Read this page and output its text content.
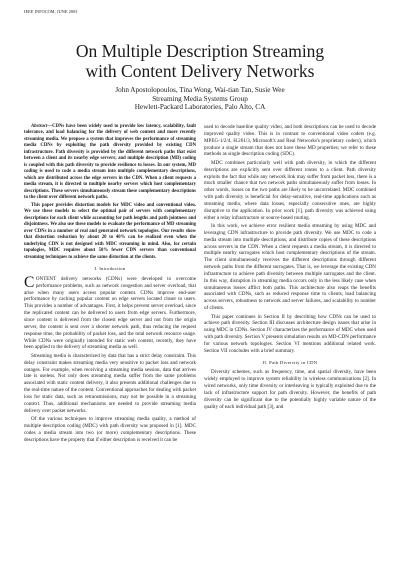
IEEE INFOCOM, JUNE 2003
On Multiple Description Streaming
with Content Delivery Networks
John Apostolopoulos, Tina Wong, Wai-tian Tan, Susie Wee
Streaming Media Systems Group
Hewlett-Packard Laboratories, Palo Alto, CA

Abstract—CDNs have been widely used to provide low latency, scalability, fault tolerance, and load balancing for the delivery of web content and more recently streaming media. We propose a system that improves the performance of streaming media CDNs by exploiting the path diversity provided by existing CDN infrastructure. Path diversity is provided by the different network paths that exist between a client and its nearby edge servers; and multiple description (MD) coding is coupled with this path diversity to provide resilience to losses. In our system, MD coding is used to code a media stream into multiple complementary descriptions, which are distributed across the edge servers in the CDN. When a client requests a media stream, it is directed to multiple nearby servers which host complementary descriptions. These servers simultaneously stream these complementary descriptions to the client over different network paths.

This paper provides distortion models for MDC video and conventional video. We use these models to select the optimal pair of servers with complementary descriptions for each client while accounting for path lengths and path jointness and disjointness. We also use these models to evaluate the performance of MD streaming over CDNs in a number of real and generated network topologies. Our results show that distortion reduction by about 20 to 40% can be realized even when the underlying CDN is not designed with MDC streaming in mind. Also, for certain topologies, MDC requires about 50% fewer CDN servers than conventional streaming techniques to achieve the same distortion at the clients.

I. Introduction

CONTENT delivery networks (CDNs) were developed to overcome performance problems, such as network congestion and server overload, that arise when many users access popular content. CDNs improve end-user performance by caching popular content on edge servers located closer to users. This provides a number of advantages. First, it helps prevent server overload, since the replicated content can be delivered to users from edge servers. Furthermore, since content is delivered from the closest edge server and not from the origin server, the content is sent over a shorter network path, thus reducing the request response time, the probability of packet loss, and the total network resource usage. While CDNs were originally intended for static web content, recently, they have been applied to the delivery of streaming media as well.

Streaming media is characterized by data that has a strict delay constraint. This delay constraint makes streaming media very sensitive to packet loss and network outages. For example, when receiving a streaming media session, data that arrives late is useless. Not only does streaming media suffer from the same problems associated with static content delivery, it also presents additional challenges due to the real-time nature of the content. Conventional approaches for dealing with packet loss for static data, such as retransmissions, may not be possible in a streaming context. Thus, additional mechanisms are needed to provide streaming media delivery over packet networks.

Of the various techniques to improve streaming media quality, a method of multiple description coding (MDC) with path diversity was proposed in [1]. MDC codes a media stream into two (or more) complementary descriptions. These descriptions have the property that if either description is received it can be

used to decode baseline quality video, and both descriptions can be used to decode improved quality video. This is in contrast to conventional video coders (e.g. MPEG-1/2/4, H.261/3, Microsoft's and Real Networks's proprietary coders), which produce a single stream that does not have these MD properties; we refer to these methods as single description coding (SDC).

MDC combines particularly well with path diversity, in which the different descriptions are explicitly sent over different routes to a client. Path diversity exploits the fact that while any network link may suffer from packet loss, there is a much smaller chance that two network paths simultaneously suffer from losses. In other words, losses on the two paths are likely to be uncorrelated. MDC combined with path diversity is beneficial for delay-sensitive, real-time applications such as streaming media, where data losses, especially consecutive ones, are highly disruptive to the application. In prior work [1], path diversity was achieved using either a relay infrastructure or source-based routing.

In this work, we achieve error resilient media streaming by using MDC and leveraging CDN infrastructure to provide path diversity. We use MDC to code a media stream into multiple descriptions, and distribute copies of these descriptions across servers in the CDN. When a client requests a media stream, it is directed to multiple nearby surrogates which host complementary descriptions of the stream. The client simultaneously receives the different descriptions through different network paths from the different surrogates. That is, we leverage the existing CDN infrastructure to achieve path diversity between multiple surrogates and the client. In this way, disruption in streaming media occurs only in the less likely case when simultaneous losses afflict both paths. This architecture also reaps the benefits associated with CDNs, such as reduced response time to clients, load balancing across servers, robustness to network and server failures, and scalability to number of clients.

This paper continues in Section II by describing how CDNs can be used to achieve path diversity. Section III discusses architecture design issues that arise in using MDC in CDNs. Section IV characterizes the performance of MDC when used with path diversity. Section V presents simulation results on MD-CDN performance for various network topologies. Section VI mentions additional related work. Section VII concludes with a brief summary.

II. Path Diversity in CDN

Diversity schemes, such as frequency, time, and spatial diversity, have been widely employed to improve system reliability in wireless communications [2]. In wired networks, only time diversity or interleaving is typically exploited due to the lack of infrastructure support for path diversity. However, the benefits of path diversity can be significant due to the potentially highly variable nature of the quality of each individual path [3], and
